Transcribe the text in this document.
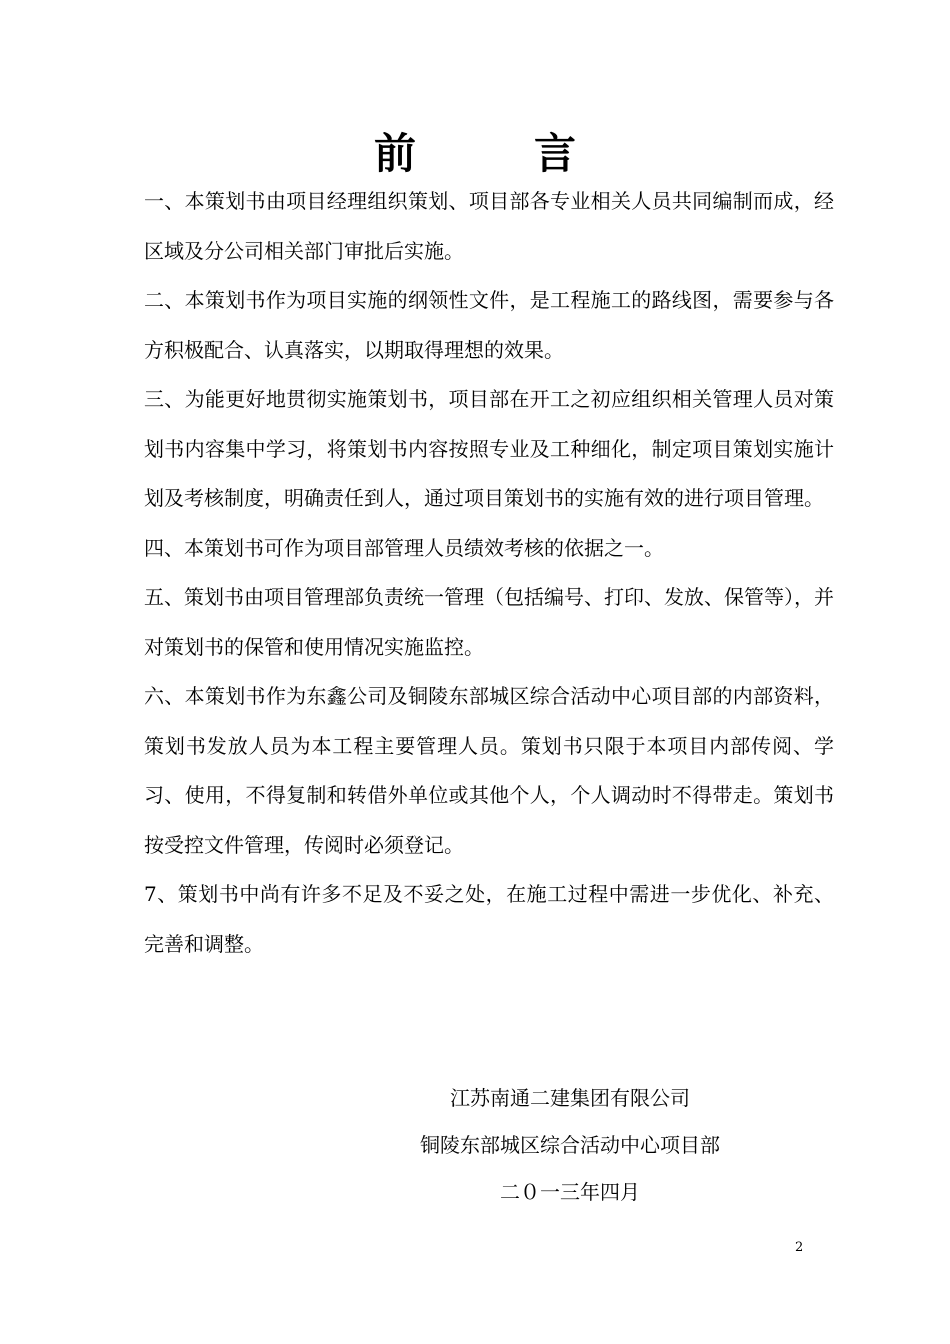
前　言

一、本策划书由项目经理组织策划、项目部各专业相关人员共同编制而成，经区域及分公司相关部门审批后实施。

二、本策划书作为项目实施的纲领性文件，是工程施工的路线图，需要参与各方积极配合、认真落实，以期取得理想的效果。

三、为能更好地贯彻实施策划书，项目部在开工之初应组织相关管理人员对策划书内容集中学习，将策划书内容按照专业及工种细化，制定项目策划实施计划及考核制度，明确责任到人，通过项目策划书的实施有效的进行项目管理。

四、本策划书可作为项目部管理人员绩效考核的依据之一。

五、策划书由项目管理部负责统一管理（包括编号、打印、发放、保管等），并对策划书的保管和使用情况实施监控。

六、本策划书作为东鑫公司及铜陵东部城区综合活动中心项目部的内部资料，策划书发放人员为本工程主要管理人员。策划书只限于本项目内部传阅、学习、使用，不得复制和转借外单位或其他个人，个人调动时不得带走。策划书按受控文件管理，传阅时必须登记。

7、策划书中尚有许多不足及不妥之处，在施工过程中需进一步优化、补充、完善和调整。

江苏南通二建集团有限公司

铜陵东部城区综合活动中心项目部

二０一三年四月

2
